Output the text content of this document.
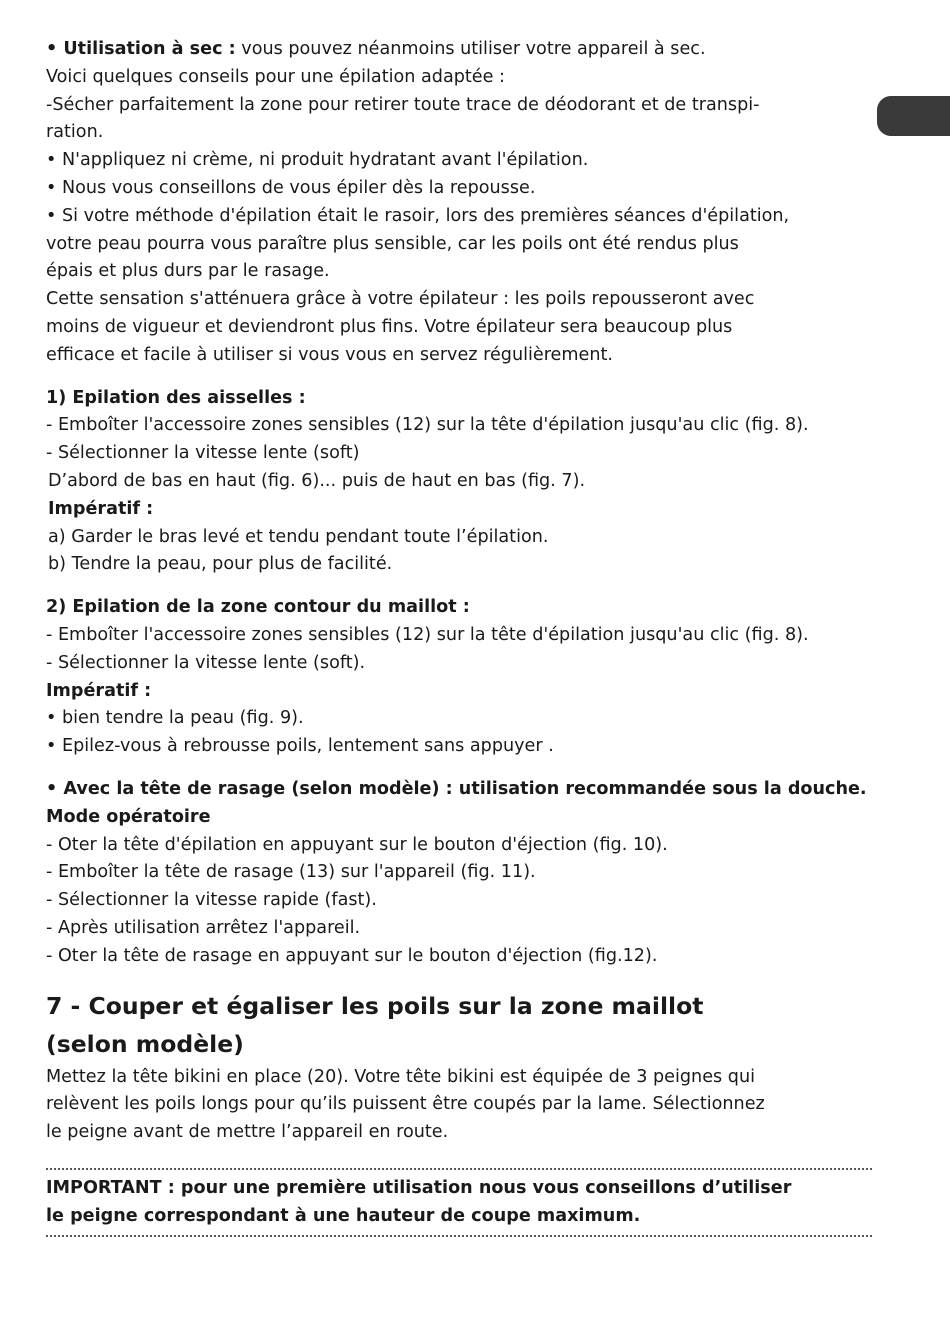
• Utilisation à sec : vous pouvez néanmoins utiliser votre appareil à sec.

Voici quelques conseils pour une épilation adaptée :

-Sécher parfaitement la zone pour retirer toute trace de déodorant et de transpi-

ration.

• N'appliquez ni crème, ni produit hydratant avant l'épilation.

• Nous vous conseillons de vous épiler dès la repousse.

• Si votre méthode d'épilation était le rasoir, lors des premières séances d'épilation,

votre peau pourra vous paraître plus sensible, car les poils ont été rendus plus

épais et plus durs par le rasage.

Cette sensation s'atténuera grâce à votre épilateur : les poils repousseront avec

moins de vigueur et deviendront plus fins. Votre épilateur sera beaucoup plus

efficace et facile à utiliser si vous vous en servez régulièrement.

1) Epilation des aisselles :

- Emboîter l'accessoire zones sensibles (12) sur la tête d'épilation jusqu'au clic (fig. 8).

- Sélectionner la vitesse lente (soft)

D’abord de bas en haut (fig. 6)... puis de haut en bas (fig. 7).

Impératif :

a) Garder le bras levé et tendu pendant toute l’épilation.

b) Tendre la peau, pour plus de facilité.

2) Epilation de la zone contour du maillot :

- Emboîter l'accessoire zones sensibles (12) sur la tête d'épilation jusqu'au clic (fig. 8).

- Sélectionner la vitesse lente (soft).

Impératif :

• bien tendre la peau (fig. 9).

• Epilez-vous à rebrousse poils, lentement sans appuyer .

• Avec la tête de rasage (selon modèle) : utilisation recommandée sous la douche.

Mode opératoire

- Oter la tête d'épilation en appuyant sur le bouton d'éjection (fig. 10).

- Emboîter la tête de rasage (13) sur l'appareil (fig. 11).

- Sélectionner la vitesse rapide (fast).

- Après utilisation arrêtez l'appareil.

- Oter la tête de rasage en appuyant sur le bouton d'éjection (fig.12).

7 - Couper et égaliser les poils sur la zone maillot
(selon modèle)

Mettez la tête bikini en place (20). Votre tête bikini est équipée de 3 peignes qui

relèvent les poils longs pour qu’ils puissent être coupés par la lame. Sélectionnez

le peigne avant de mettre l’appareil en route.

IMPORTANT : pour une première utilisation nous vous conseillons d’utiliser

le peigne correspondant à une hauteur de coupe maximum.
